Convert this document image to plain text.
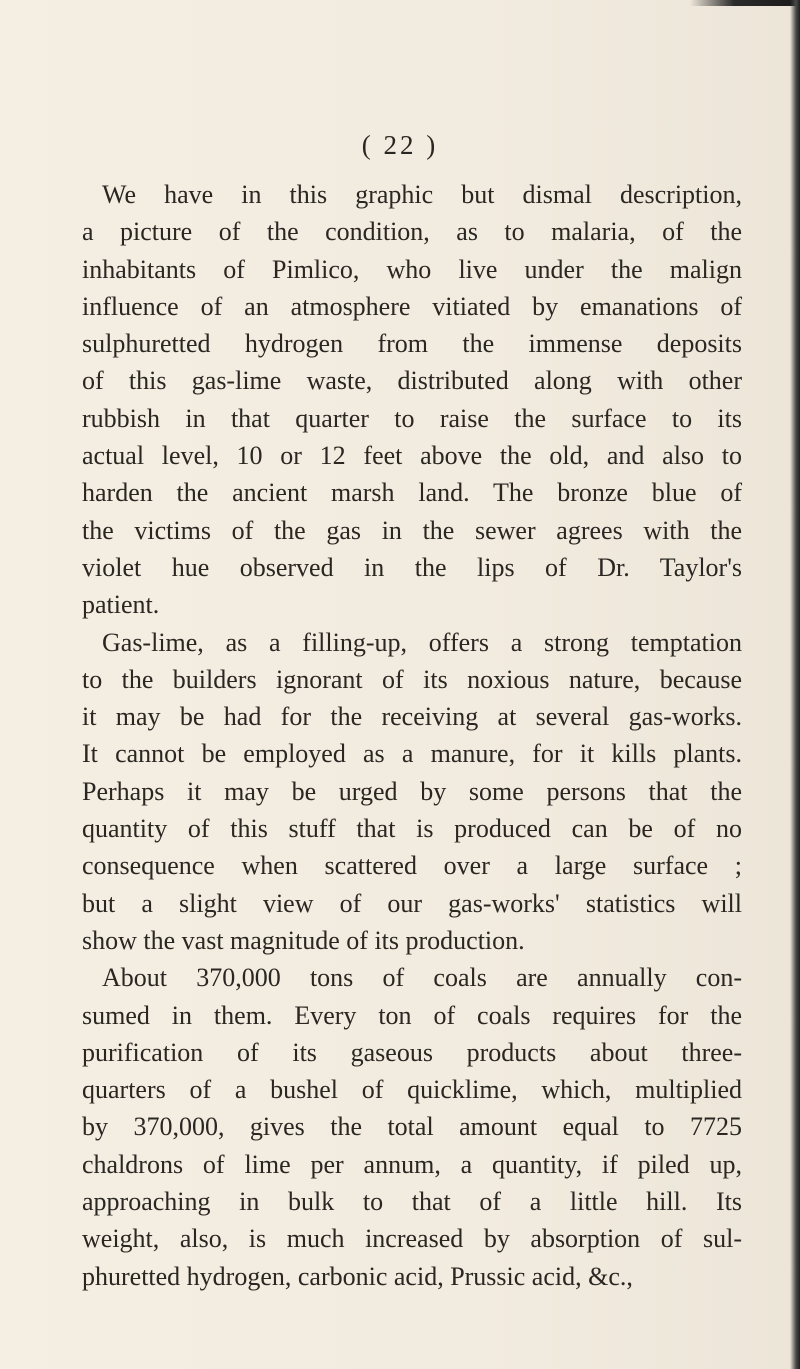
( 22 )

We have in this graphic but dismal description,
a picture of the condition, as to malaria, of the
inhabitants of Pimlico, who live under the malign
influence of an atmosphere vitiated by emanations of
sulphuretted hydrogen from the immense deposits
of this gas-lime waste, distributed along with other
rubbish in that quarter to raise the surface to its
actual level, 10 or 12 feet above the old, and also to
harden the ancient marsh land. The bronze blue of
the victims of the gas in the sewer agrees with the
violet hue observed in the lips of Dr. Taylor's
patient.
Gas-lime, as a filling-up, offers a strong temptation
to the builders ignorant of its noxious nature, because
it may be had for the receiving at several gas-works.
It cannot be employed as a manure, for it kills plants.
Perhaps it may be urged by some persons that the
quantity of this stuff that is produced can be of no
consequence when scattered over a large surface ;
but a slight view of our gas-works' statistics will
show the vast magnitude of its production.
About 370,000 tons of coals are annually con-
sumed in them. Every ton of coals requires for the
purification of its gaseous products about three-
quarters of a bushel of quicklime, which, multiplied
by 370,000, gives the total amount equal to 7725
chaldrons of lime per annum, a quantity, if piled up,
approaching in bulk to that of a little hill. Its
weight, also, is much increased by absorption of sul-
phuretted hydrogen, carbonic acid, Prussic acid, &c.,
